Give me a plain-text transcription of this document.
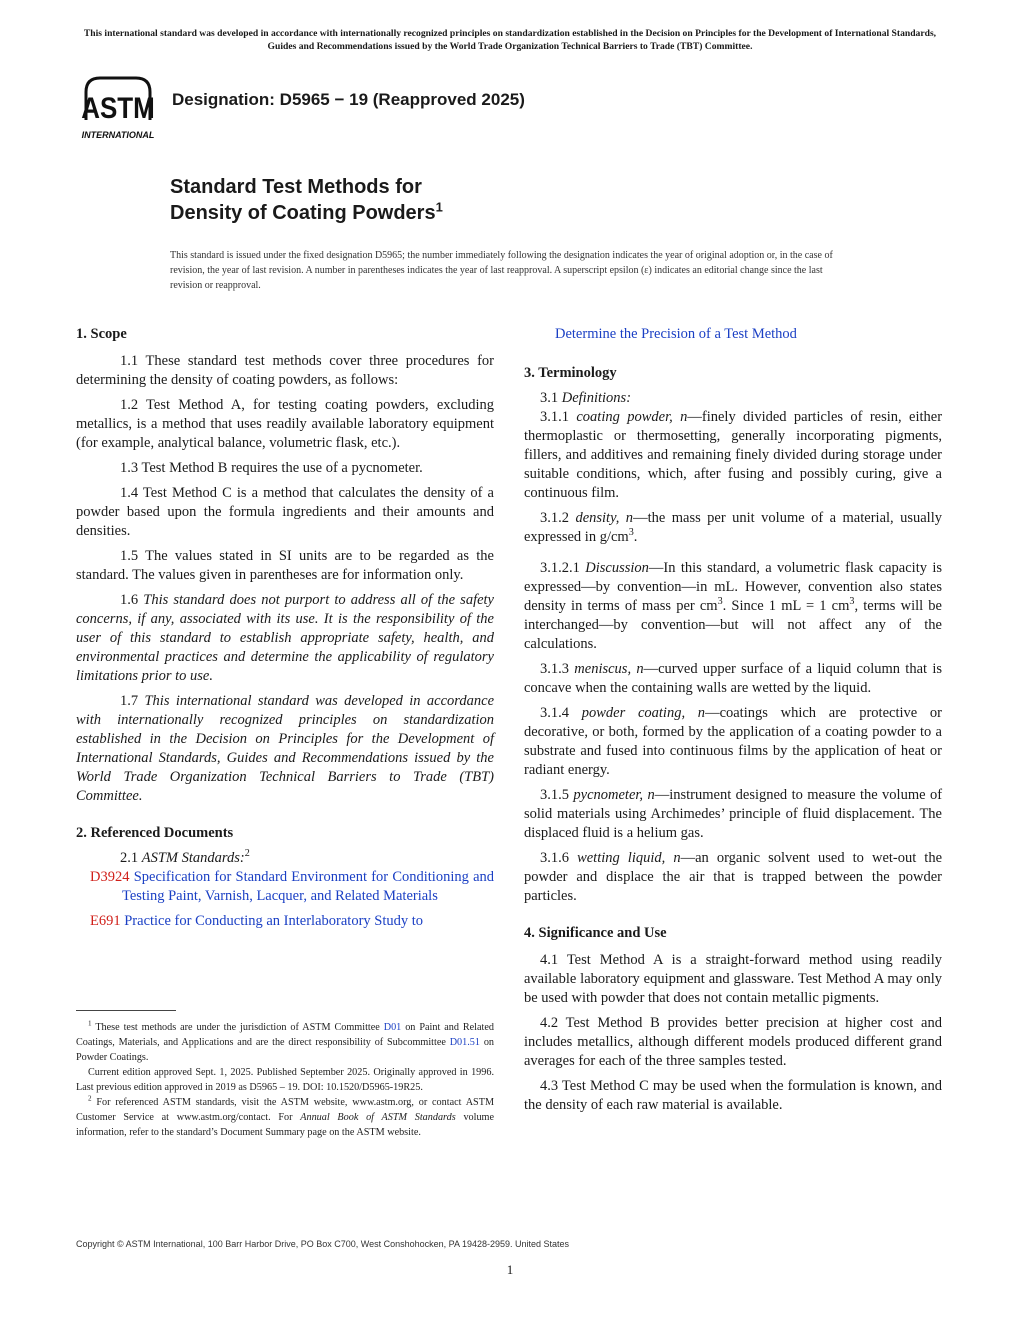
This international standard was developed in accordance with internationally recognized principles on standardization established in the Decision on Principles for the Development of International Standards, Guides and Recommendations issued by the World Trade Organization Technical Barriers to Trade (TBT) Committee.
ASTM
INTERNATIONAL
Designation: D5965 − 19 (Reapproved 2025)
Standard Test Methods for
Density of Coating Powders$^1$
This standard is issued under the fixed designation D5965; the number immediately following the designation indicates the year of original adoption or, in the case of revision, the year of last revision. A number in parentheses indicates the year of last reapproval. A superscript epsilon (ε) indicates an editorial change since the last revision or reapproval.
1. Scope

1.1 These standard test methods cover three procedures for determining the density of coating powders, as follows:

1.2 Test Method A, for testing coating powders, excluding metallics, is a method that uses readily available laboratory equipment (for example, analytical balance, volumetric flask, etc.).

1.3 Test Method B requires the use of a pycnometer.

1.4 Test Method C is a method that calculates the density of a powder based upon the formula ingredients and their amounts and densities.

1.5 The values stated in SI units are to be regarded as the standard. The values given in parentheses are for information only.

1.6 This standard does not purport to address all of the safety concerns, if any, associated with its use. It is the responsibility of the user of this standard to establish appropriate safety, health, and environmental practices and determine the applicability of regulatory limitations prior to use.

1.7 This international standard was developed in accordance with internationally recognized principles on standardization established in the Decision on Principles for the Development of International Standards, Guides and Recommendations issued by the World Trade Organization Technical Barriers to Trade (TBT) Committee.

2. Referenced Documents

2.1 ASTM Standards:$^2$

D3924 Specification for Standard Environment for Conditioning and Testing Paint, Varnish, Lacquer, and Related Materials

E691 Practice for Conducting an Interlaboratory Study to

Determine the Precision of a Test Method

3. Terminology

3.1 Definitions:

3.1.1 coating powder, n—finely divided particles of resin, either thermoplastic or thermosetting, generally incorporating pigments, fillers, and additives and remaining finely divided during storage under suitable conditions, which, after fusing and possibly curing, give a continuous film.

3.1.2 density, n—the mass per unit volume of a material, usually expressed in $g/cm^3$.

3.1.2.1 Discussion—In this standard, a volumetric flask capacity is expressed—by convention—in mL. However, convention also states density in terms of mass per $cm^3$. Since 1 mL = 1 $cm^3$, terms will be interchanged—by convention—but will not affect any of the calculations.

3.1.3 meniscus, n—curved upper surface of a liquid column that is concave when the containing walls are wetted by the liquid.

3.1.4 powder coating, n—coatings which are protective or decorative, or both, formed by the application of a coating powder to a substrate and fused into continuous films by the application of heat or radiant energy.

3.1.5 pycnometer, n—instrument designed to measure the volume of solid materials using Archimedes’ principle of fluid displacement. The displaced fluid is a helium gas.

3.1.6 wetting liquid, n—an organic solvent used to wet-out the powder and displace the air that is trapped between the powder particles.

4. Significance and Use

4.1 Test Method A is a straight-forward method using readily available laboratory equipment and glassware. Test Method A may only be used with powder that does not contain metallic pigments.

4.2 Test Method B provides better precision at higher cost and includes metallics, although different models produced different grand averages for each of the three samples tested.

4.3 Test Method C may be used when the formulation is known, and the density of each raw material is available.

$^1$ These test methods are under the jurisdiction of ASTM Committee D01 on Paint and Related Coatings, Materials, and Applications and are the direct responsibility of Subcommittee D01.51 on Powder Coatings.

Current edition approved Sept. 1, 2025. Published September 2025. Originally approved in 1996. Last previous edition approved in 2019 as D5965 – 19. DOI: 10.1520/D5965-19R25.

$^2$ For referenced ASTM standards, visit the ASTM website, www.astm.org, or contact ASTM Customer Service at www.astm.org/contact. For Annual Book of ASTM Standards volume information, refer to the standard’s Document Summary page on the ASTM website.

Copyright © ASTM International, 100 Barr Harbor Drive, PO Box C700, West Conshohocken, PA 19428-2959. United States
1
